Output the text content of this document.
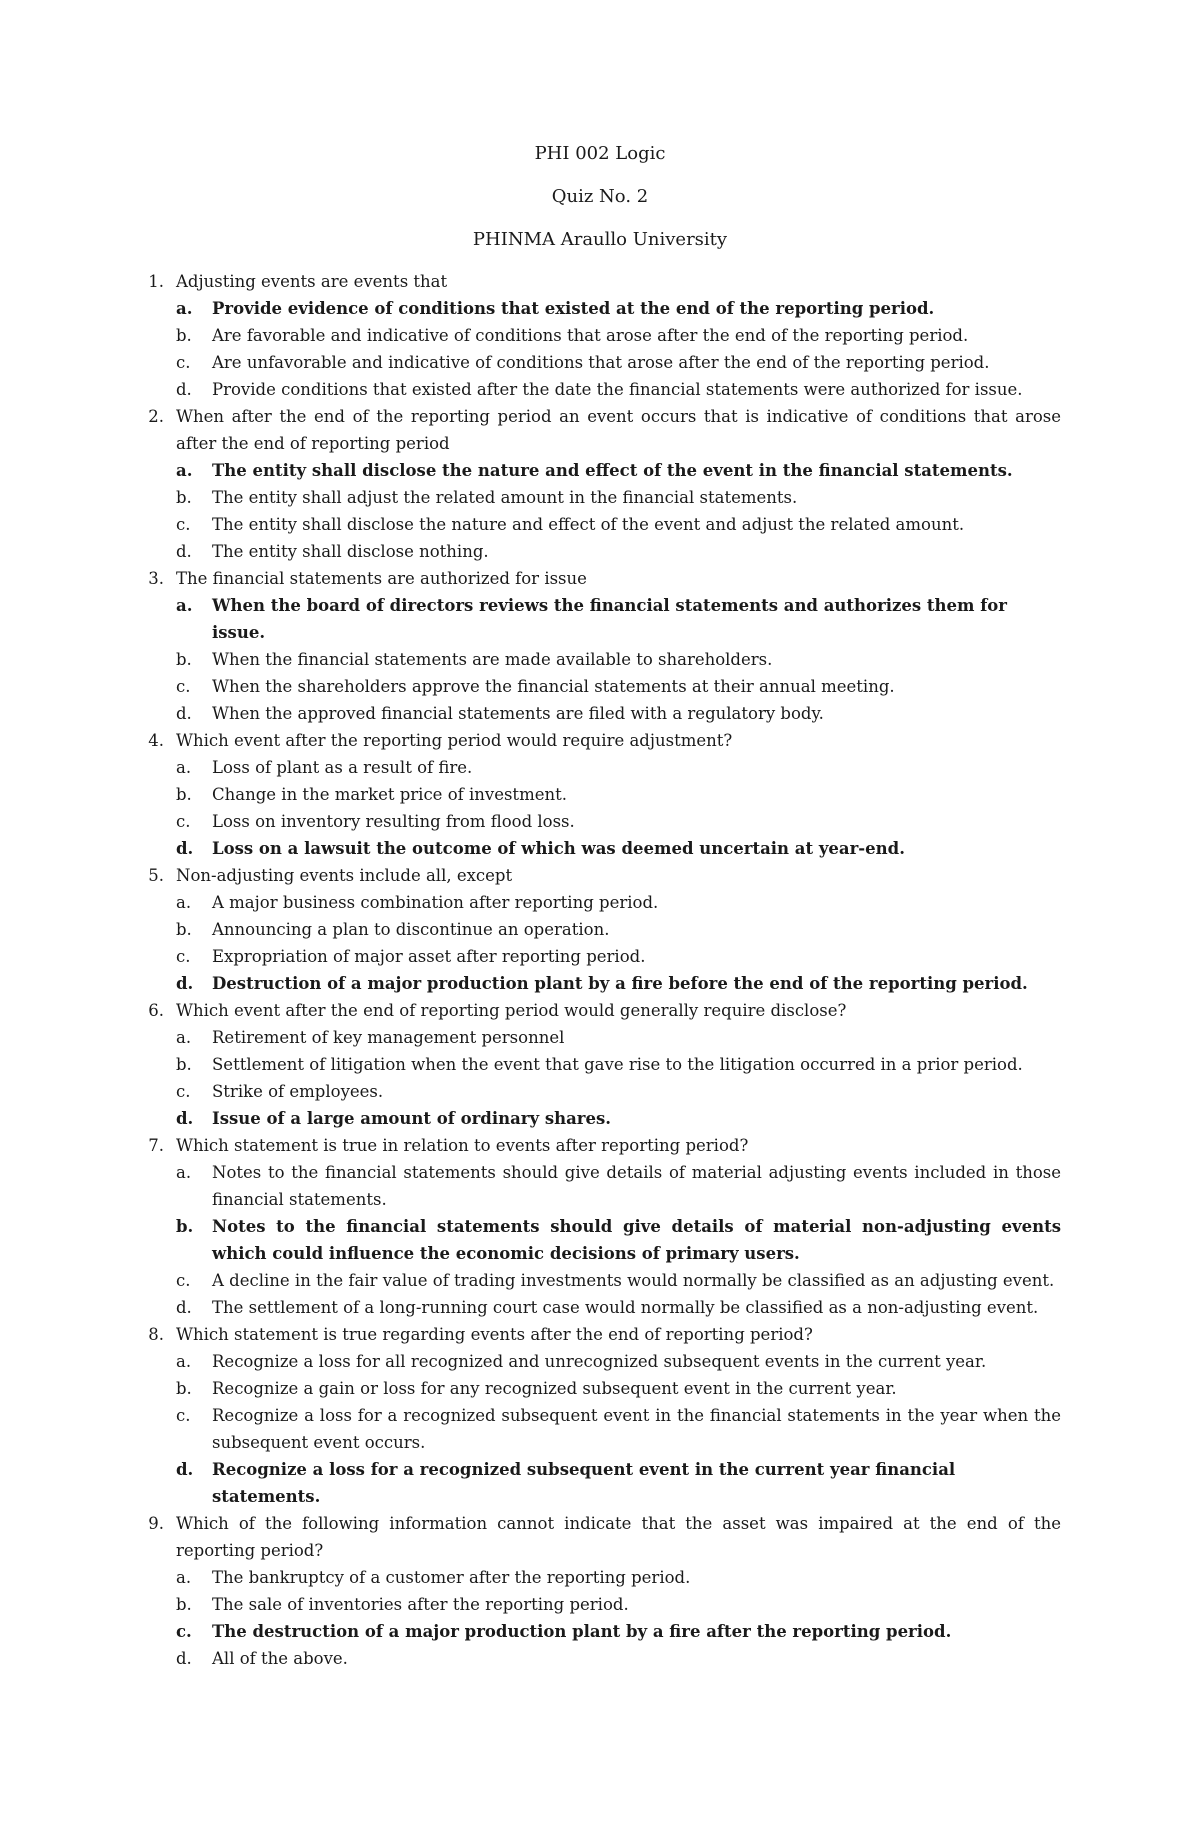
PHI 002 Logic
Quiz No. 2
PHINMA Araullo University
1. Adjusting events are events that
a. Provide evidence of conditions that existed at the end of the reporting period.
b. Are favorable and indicative of conditions that arose after the end of the reporting period.
c. Are unfavorable and indicative of conditions that arose after the end of the reporting period.
d. Provide conditions that existed after the date the financial statements were authorized for issue.
2. When after the end of the reporting period an event occurs that is indicative of conditions that arose after the end of reporting period
a. The entity shall disclose the nature and effect of the event in the financial statements.
b. The entity shall adjust the related amount in the financial statements.
c. The entity shall disclose the nature and effect of the event and adjust the related amount.
d. The entity shall disclose nothing.
3. The financial statements are authorized for issue
a. When the board of directors reviews the financial statements and authorizes them for issue.
b. When the financial statements are made available to shareholders.
c. When the shareholders approve the financial statements at their annual meeting.
d. When the approved financial statements are filed with a regulatory body.
4. Which event after the reporting period would require adjustment?
a. Loss of plant as a result of fire.
b. Change in the market price of investment.
c. Loss on inventory resulting from flood loss.
d. Loss on a lawsuit the outcome of which was deemed uncertain at year-end.
5. Non-adjusting events include all, except
a. A major business combination after reporting period.
b. Announcing a plan to discontinue an operation.
c. Expropriation of major asset after reporting period.
d. Destruction of a major production plant by a fire before the end of the reporting period.
6. Which event after the end of reporting period would generally require disclose?
a. Retirement of key management personnel
b. Settlement of litigation when the event that gave rise to the litigation occurred in a prior period.
c. Strike of employees.
d. Issue of a large amount of ordinary shares.
7. Which statement is true in relation to events after reporting period?
a. Notes to the financial statements should give details of material adjusting events included in those financial statements.
b. Notes to the financial statements should give details of material non-adjusting events which could influence the economic decisions of primary users.
c. A decline in the fair value of trading investments would normally be classified as an adjusting event.
d. The settlement of a long-running court case would normally be classified as a non-adjusting event.
8. Which statement is true regarding events after the end of reporting period?
a. Recognize a loss for all recognized and unrecognized subsequent events in the current year.
b. Recognize a gain or loss for any recognized subsequent event in the current year.
c. Recognize a loss for a recognized subsequent event in the financial statements in the year when the subsequent event occurs.
d. Recognize a loss for a recognized subsequent event in the current year financial statements.
9. Which of the following information cannot indicate that the asset was impaired at the end of the reporting period?
a. The bankruptcy of a customer after the reporting period.
b. The sale of inventories after the reporting period.
c. The destruction of a major production plant by a fire after the reporting period.
d. All of the above.
